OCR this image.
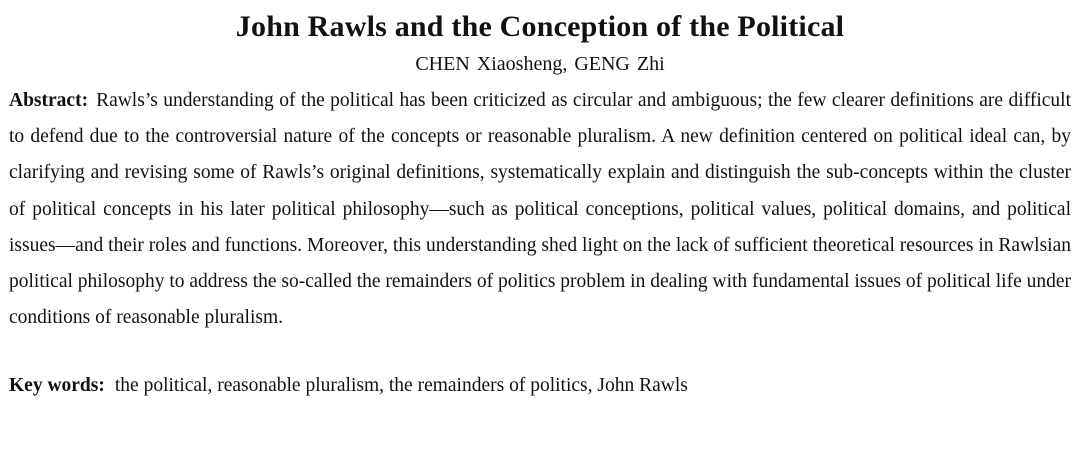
John Rawls and the Conception of the Political
CHEN Xiaosheng, GENG Zhi

Abstract: Rawls’s understanding of the political has been criticized as circular and ambiguous; the few clearer definitions are difficult to defend due to the controversial nature of the concepts or reasonable pluralism. A new definition centered on political ideal can, by clarifying and revising some of Rawls’s original definitions, systematically explain and distinguish the sub-concepts within the cluster of political concepts in his later political philosophy—such as political conceptions, political values, political domains, and political issues—and their roles and functions. Moreover, this understanding shed light on the lack of sufficient theoretical resources in Rawlsian political philosophy to address the so-called the remainders of politics problem in dealing with fundamental issues of political life under conditions of reasonable pluralism.

Key words: the political, reasonable pluralism, the remainders of politics, John Rawls
